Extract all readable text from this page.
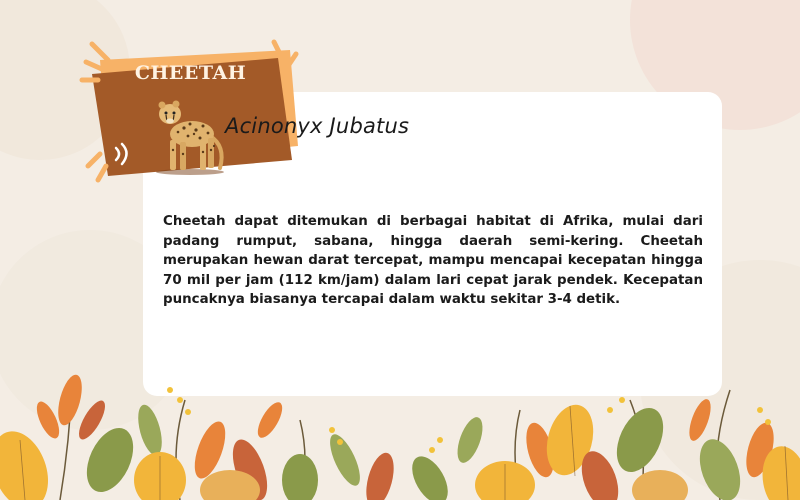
CHEETAH
Acinonyx Jubatus
Cheetah dapat ditemukan di berbagai habitat di Afrika, mulai dari padang rumput, sabana, hingga daerah semi-kering. Cheetah merupakan hewan darat tercepat, mampu mencapai kecepatan hingga 70 mil per jam (112 km/jam) dalam lari cepat jarak pendek. Kecepatan puncaknya biasanya tercapai dalam waktu sekitar 3-4 detik.
